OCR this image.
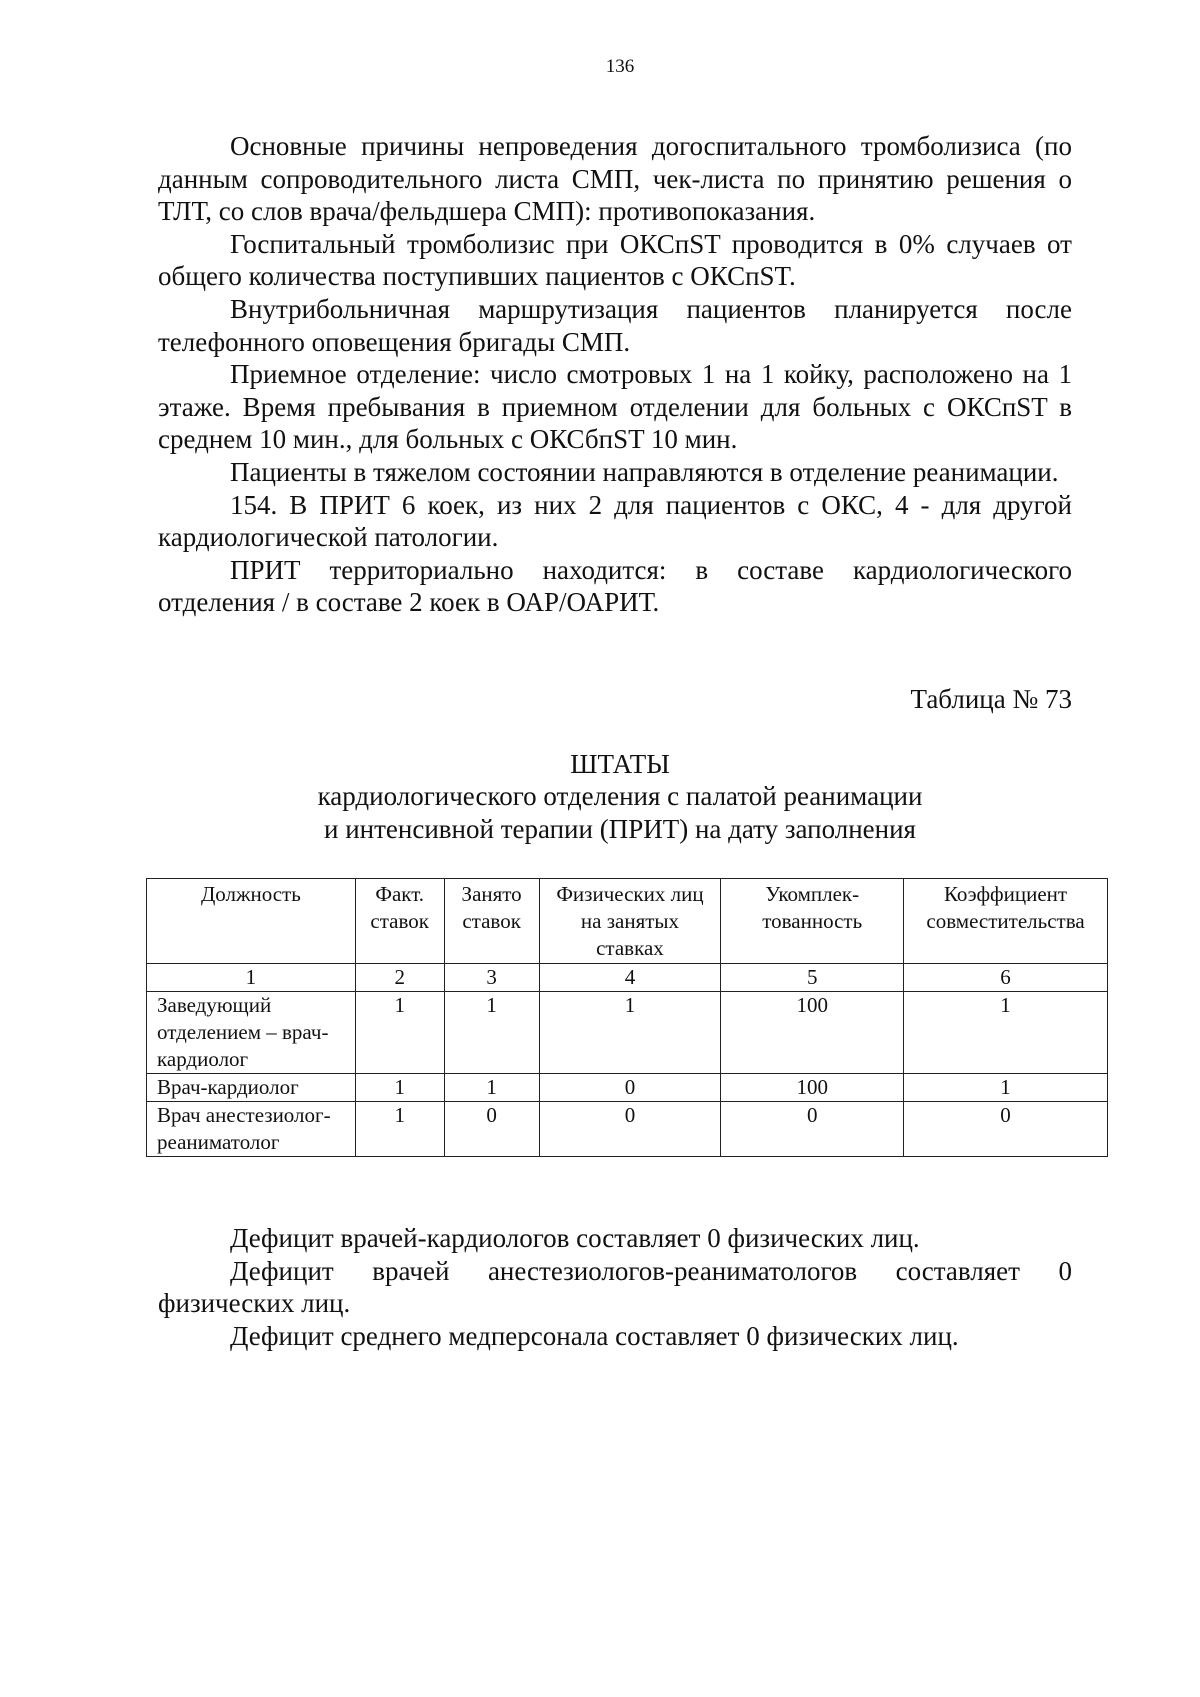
136

Основные причины непроведения догоспитального тромболизиса (по данным сопроводительного листа СМП, чек-листа по принятию решения о ТЛТ, со слов врача/фельдшера СМП): противопоказания.

Госпитальный тромболизис при ОКСпST проводится в 0% случаев от общего количества поступивших пациентов с ОКСпST.

Внутрибольничная маршрутизация пациентов планируется после телефонного оповещения бригады СМП.

Приемное отделение: число смотровых 1 на 1 койку, расположено на 1 этаже. Время пребывания в приемном отделении для больных с ОКСпST в среднем 10 мин., для больных с ОКСбпST 10 мин.

Пациенты в тяжелом состоянии направляются в отделение реанимации.

154. В ПРИТ 6 коек, из них 2 для пациентов с ОКС, 4 - для другой кардиологической патологии.

ПРИТ территориально находится: в составе кардиологического отделения / в составе 2 коек в ОАР/ОАРИТ.

Таблица № 73
ШТАТЫ
кардиологического отделения с палатой реанимации
и интенсивной терапии (ПРИТ) на дату заполнения
Должность	Факт. ставок	Занято ставок	Физических лиц на занятых ставках	Укомплек-тованность	Коэффициент совместительства
1	2	3	4	5	6
Заведующий отделением – врач-кардиолог	1	1	1	100	1
Врач-кардиолог	1	1	0	100	1
Врач анестезиолог-реаниматолог	1	0	0	0	0

Дефицит врачей-кардиологов составляет 0 физических лиц.

Дефицит врачей анестезиологов-реаниматологов составляет 0 физических лиц.

Дефицит среднего медперсонала составляет 0 физических лиц.
